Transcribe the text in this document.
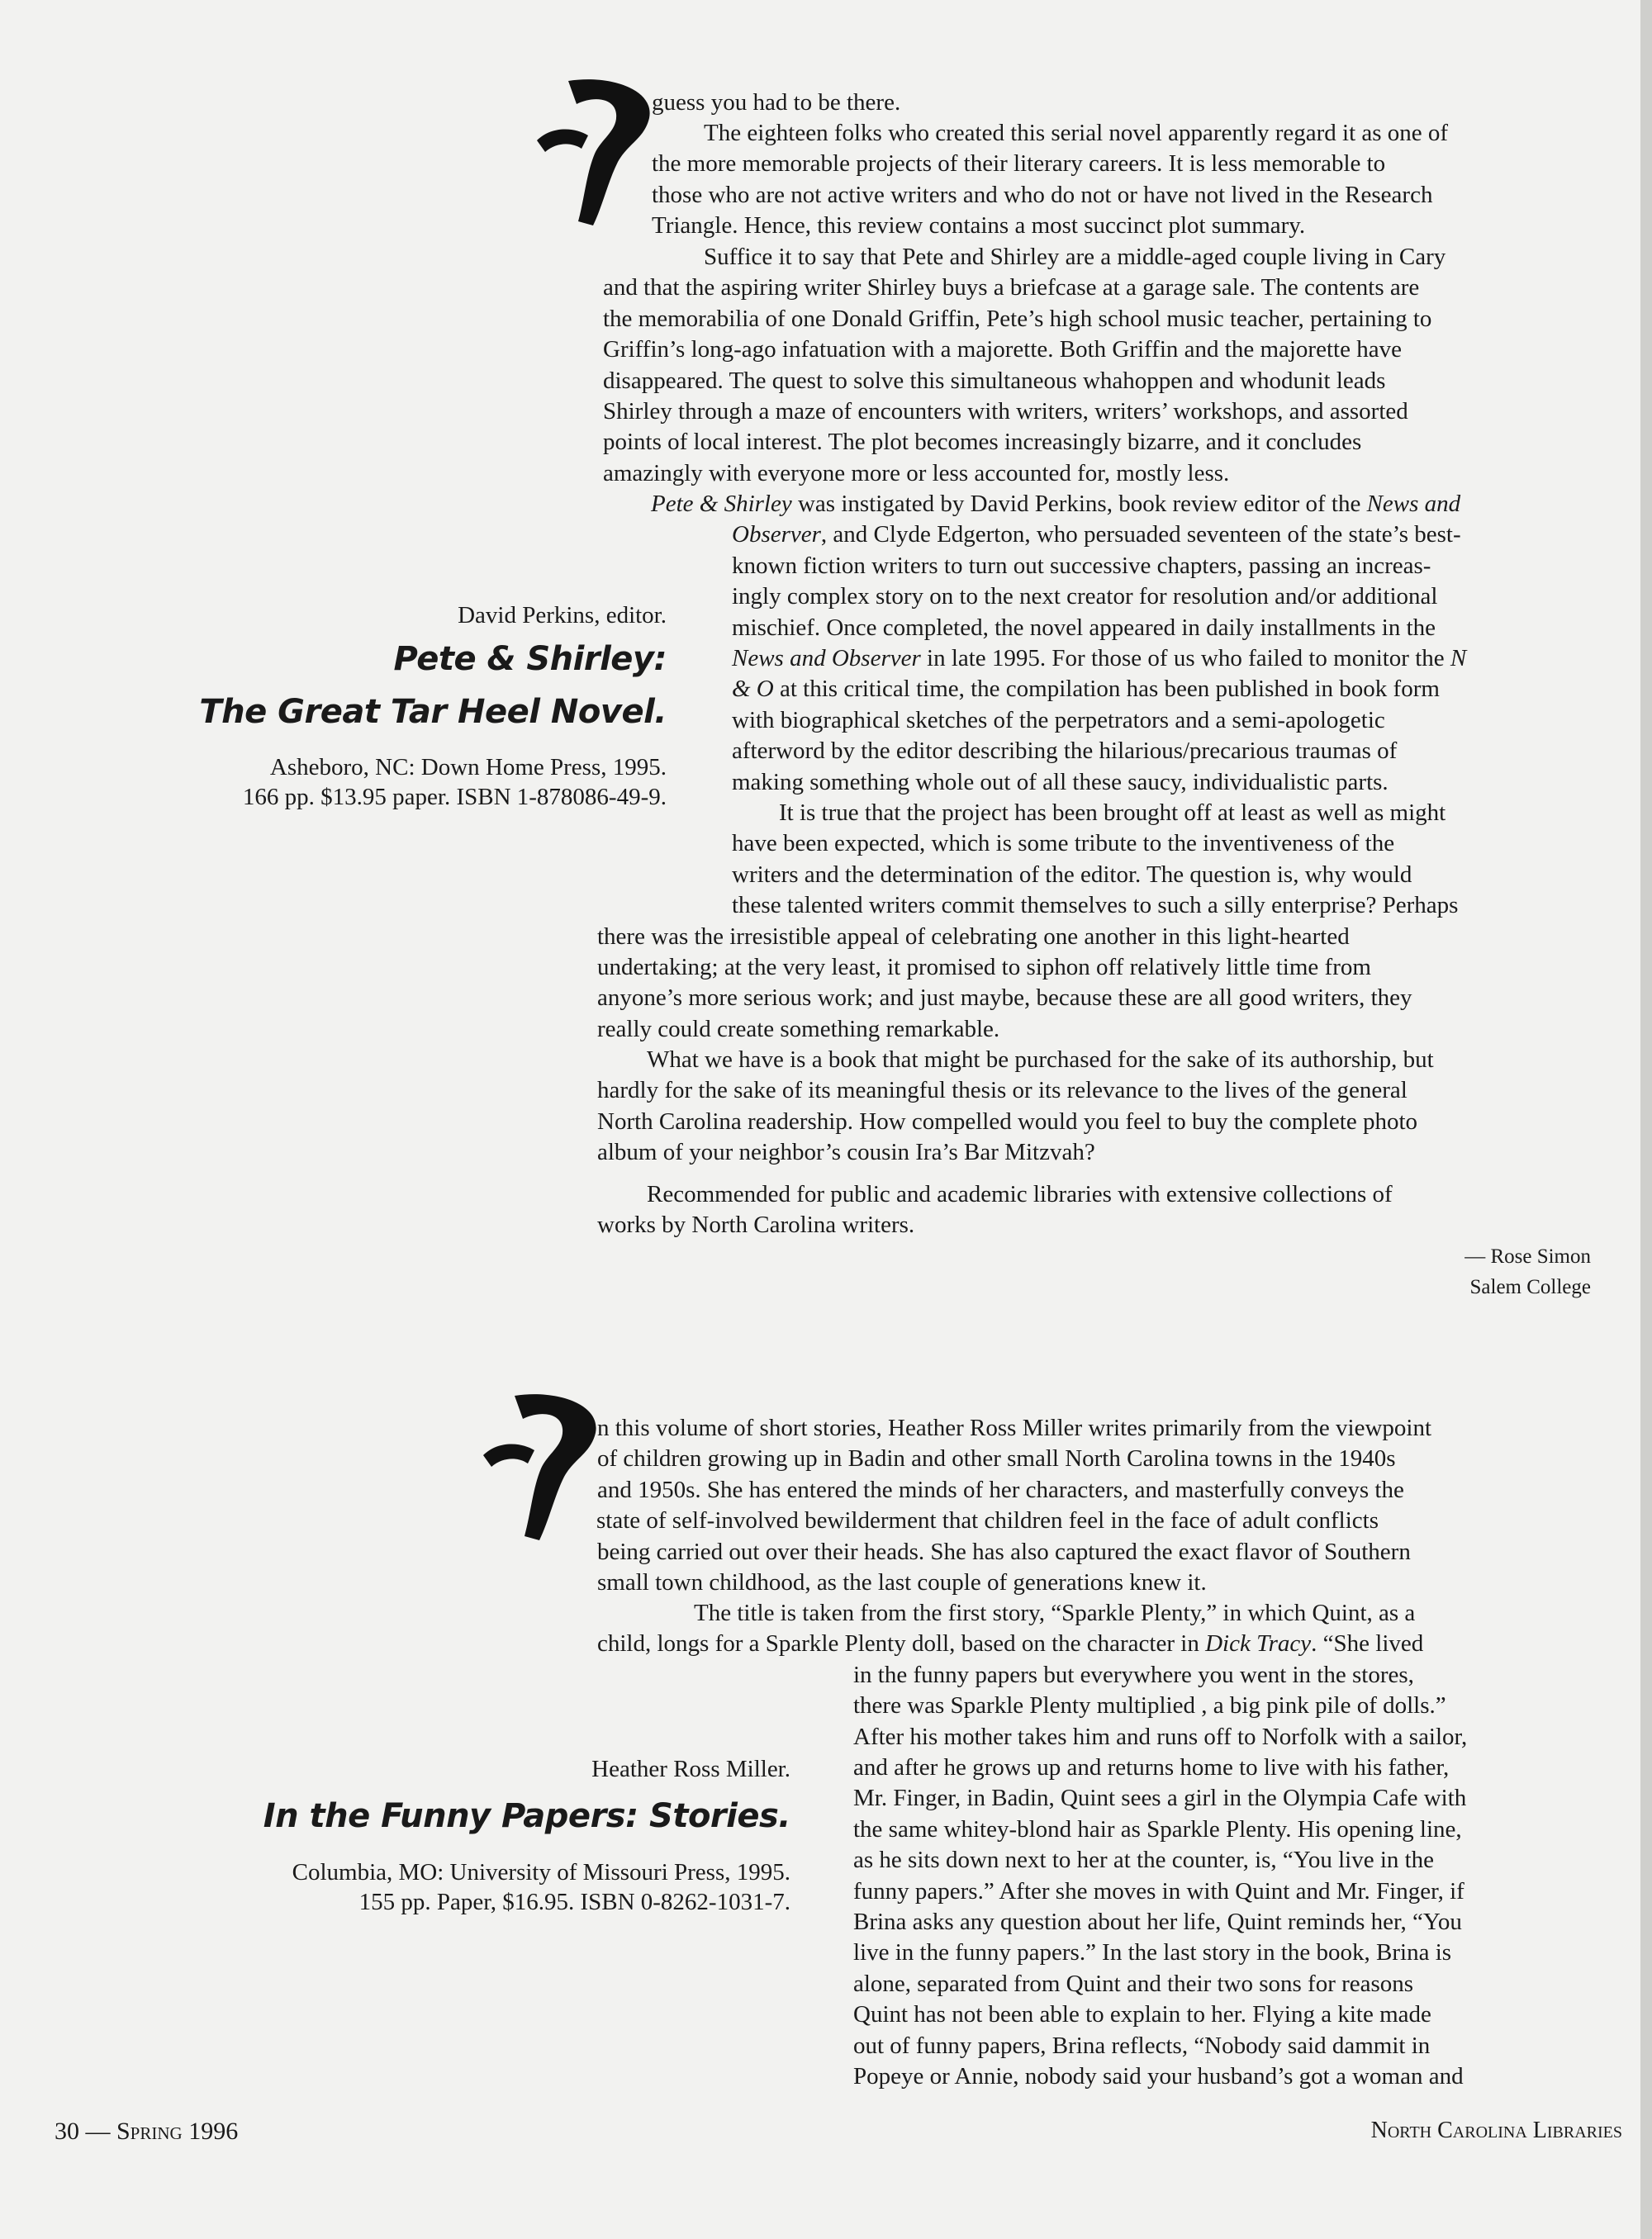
guess you had to be there.
The eighteen folks who created this serial novel apparently regard it as one of
the more memorable projects of their literary careers. It is less memorable to
those who are not active writers and who do not or have not lived in the Research
Triangle. Hence, this review contains a most succinct plot summary.
Suffice it to say that Pete and Shirley are a middle-aged couple living in Cary
and that the aspiring writer Shirley buys a briefcase at a garage sale. The contents are
the memorabilia of one Donald Griffin, Pete’s high school music teacher, pertaining to
Griffin’s long-ago infatuation with a majorette. Both Griffin and the majorette have
disappeared. The quest to solve this simultaneous whahoppen and whodunit leads
Shirley through a maze of encounters with writers, writers’ workshops, and assorted
points of local interest. The plot becomes increasingly bizarre, and it concludes
amazingly with everyone more or less accounted for, mostly less.
Pete & Shirley was instigated by David Perkins, book review editor of the News and
Observer, and Clyde Edgerton, who persuaded seventeen of the state’s best-
known fiction writers to turn out successive chapters, passing an increas-
ingly complex story on to the next creator for resolution and/or additional
mischief. Once completed, the novel appeared in daily installments in the
News and Observer in late 1995. For those of us who failed to monitor the N
& O at this critical time, the compilation has been published in book form
with biographical sketches of the perpetrators and a semi-apologetic
afterword by the editor describing the hilarious/precarious traumas of
making something whole out of all these saucy, individualistic parts.
It is true that the project has been brought off at least as well as might
have been expected, which is some tribute to the inventiveness of the
writers and the determination of the editor. The question is, why would
these talented writers commit themselves to such a silly enterprise? Perhaps
there was the irresistible appeal of celebrating one another in this light-hearted
undertaking; at the very least, it promised to siphon off relatively little time from
anyone’s more serious work; and just maybe, because these are all good writers, they
really could create something remarkable.
What we have is a book that might be purchased for the sake of its authorship, but
hardly for the sake of its meaningful thesis or its relevance to the lives of the general
North Carolina readership. How compelled would you feel to buy the complete photo
album of your neighbor’s cousin Ira’s Bar Mitzvah?
Recommended for public and academic libraries with extensive collections of
works by North Carolina writers.
— Rose Simon
Salem College
David Perkins, editor.
Pete & Shirley:
The Great Tar Heel Novel.
Asheboro, NC: Down Home Press, 1995.
166 pp. $13.95 paper. ISBN 1-878086-49-9.
n this volume of short stories, Heather Ross Miller writes primarily from the viewpoint
of children growing up in Badin and other small North Carolina towns in the 1940s
and 1950s. She has entered the minds of her characters, and masterfully conveys the
state of self-involved bewilderment that children feel in the face of adult conflicts
being carried out over their heads. She has also captured the exact flavor of Southern
small town childhood, as the last couple of generations knew it.
The title is taken from the first story, “Sparkle Plenty,” in which Quint, as a
child, longs for a Sparkle Plenty doll, based on the character in Dick Tracy. “She lived
in the funny papers but everywhere you went in the stores,
there was Sparkle Plenty multiplied , a big pink pile of dolls.”
After his mother takes him and runs off to Norfolk with a sailor,
and after he grows up and returns home to live with his father,
Mr. Finger, in Badin, Quint sees a girl in the Olympia Cafe with
the same whitey-blond hair as Sparkle Plenty. His opening line,
as he sits down next to her at the counter, is, “You live in the
funny papers.” After she moves in with Quint and Mr. Finger, if
Brina asks any question about her life, Quint reminds her, “You
live in the funny papers.” In the last story in the book, Brina is
alone, separated from Quint and their two sons for reasons
Quint has not been able to explain to her. Flying a kite made
out of funny papers, Brina reflects, “Nobody said dammit in
Popeye or Annie, nobody said your husband’s got a woman and
Heather Ross Miller.
In the Funny Papers: Stories.
Columbia, MO: University of Missouri Press, 1995.
155 pp. Paper, $16.95. ISBN 0-8262-1031-7.
30 — Spring 1996	North Carolina Libraries
